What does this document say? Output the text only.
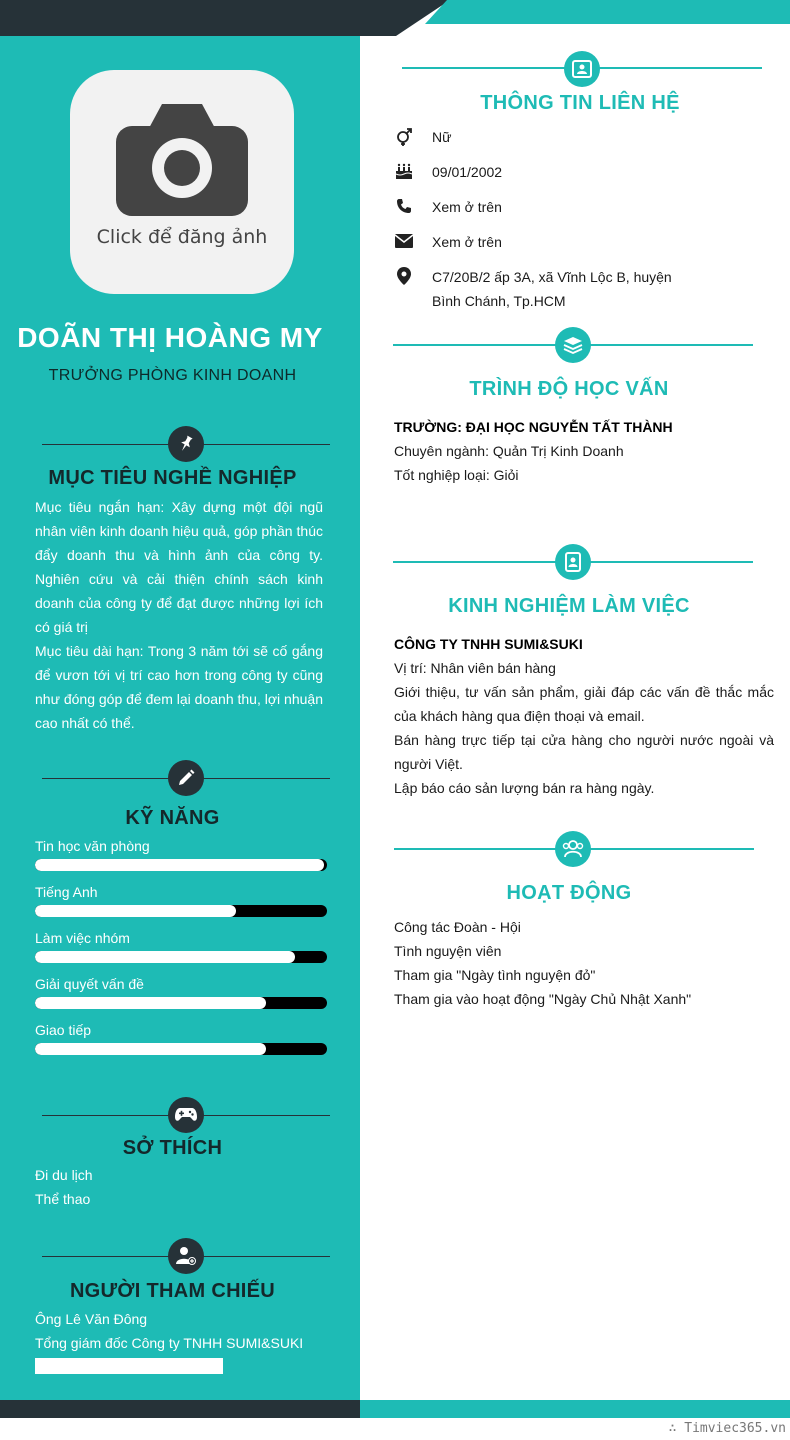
Click để đăng ảnh
DOÃN THỊ HOÀNG MY
TRƯỞNG PHÒNG KINH DOANH
MỤC TIÊU NGHỀ NGHIỆP
Mục tiêu ngắn hạn: Xây dựng một đội ngũ nhân viên kinh doanh hiệu quả, góp phần thúc đẩy doanh thu và hình ảnh của công ty. Nghiên cứu và cải thiện chính sách kinh doanh của công ty để đạt được những lợi ích có giá trị
Mục tiêu dài hạn: Trong 3 năm tới sẽ cố gắng để vươn tới vị trí cao hơn trong công ty cũng như đóng góp để đem lại doanh thu, lợi nhuận cao nhất có thể.
KỸ NĂNG
Tin học văn phòng
Tiếng Anh
Làm việc nhóm
Giải quyết vấn đề
Giao tiếp
SỞ THÍCH
Đi du lịch
Thể thao
NGƯỜI THAM CHIẾU
Ông Lê Văn Đông
Tổng giám đốc Công ty TNHH SUMI&SUKI
THÔNG TIN LIÊN HỆ
Nữ
09/01/2002
Xem ở trên
Xem ở trên
C7/20B/2 ấp 3A, xã Vĩnh Lộc B, huyện
Bình Chánh, Tp.HCM
TRÌNH ĐỘ HỌC VẤN
TRƯỜNG: ĐẠI HỌC NGUYỄN TẤT THÀNH
Chuyên ngành: Quản Trị Kinh Doanh
Tốt nghiệp loại: Giỏi
KINH NGHIỆM LÀM VIỆC
CÔNG TY TNHH SUMI&SUKI
Vị trí: Nhân viên bán hàng
Giới thiệu, tư vấn sản phẩm, giải đáp các vấn đề thắc mắc của khách hàng qua điện thoại và email.
Bán hàng trực tiếp tại cửa hàng cho người nước ngoài và người Việt.
Lập báo cáo sản lượng bán ra hàng ngày.
HOẠT ĐỘNG
Công tác Đoàn - Hội
Tình nguyện viên
Tham gia "Ngày tình nguyện đỏ"
Tham gia vào hoạt động "Ngày Chủ Nhật Xanh"
∴ Timviec365.vn
